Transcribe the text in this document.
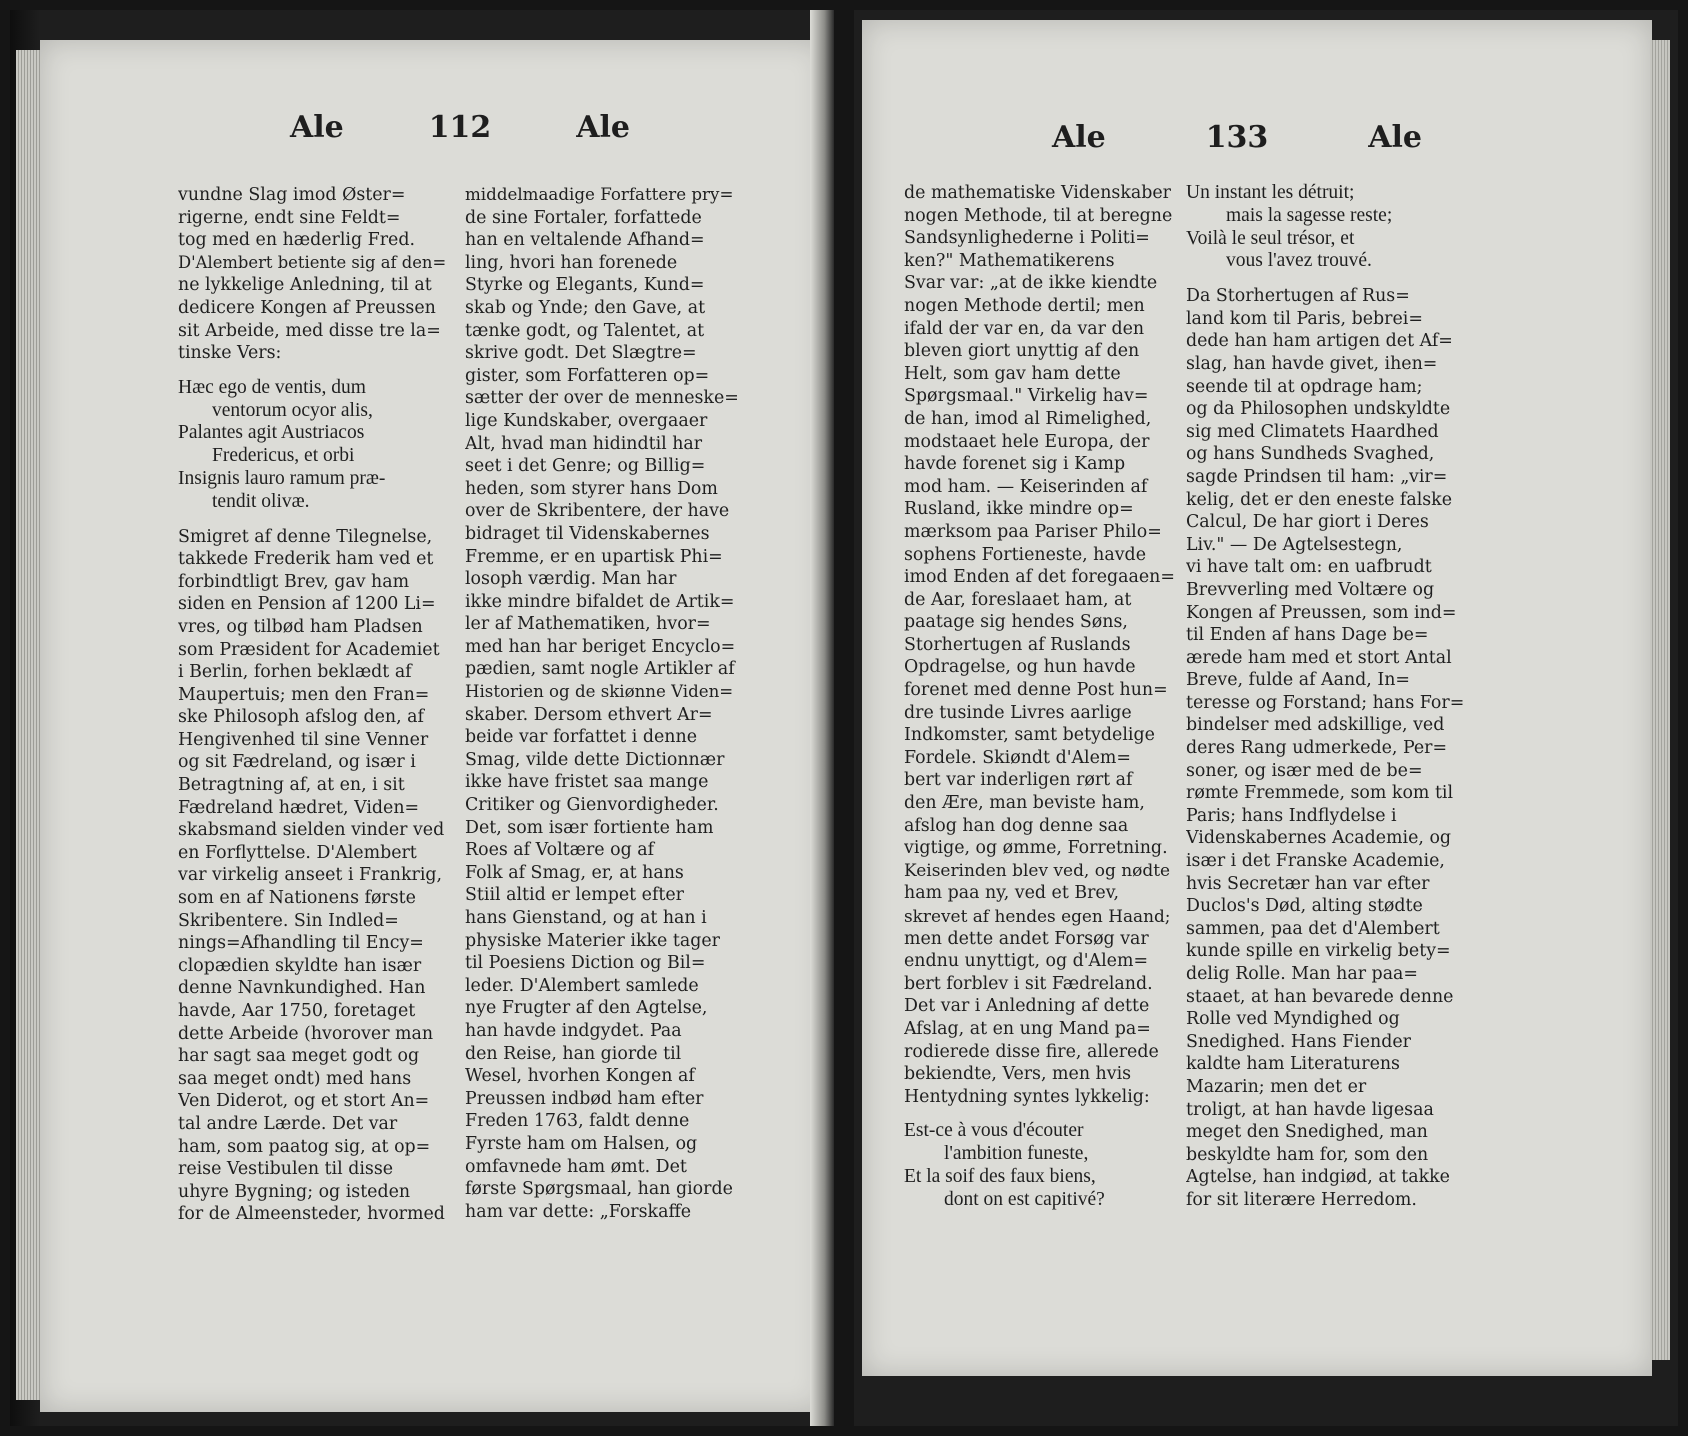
Ale	112	Ale
vundne Slag imod Øster=
rigerne, endt sine Feldt=
tog med en hæderlig Fred.
D'Alembert betiente sig af den=
ne lykkelige Anledning, til at
dedicere Kongen af Preussen
sit Arbeide, med disse tre la=
tinske Vers:
Hæc ego de ventis, dum
ventorum ocyor alis,
Palantes agit Austriacos
Fredericus, et orbi
Insignis lauro ramum præ-
tendit olivæ.
Smigret af denne Tilegnelse,
takkede Frederik ham ved et
forbindtligt Brev, gav ham
siden en Pension af 1200 Li=
vres, og tilbød ham Pladsen
som Præsident for Academiet
i Berlin, forhen beklædt af
Maupertuis; men den Fran=
ske Philosoph afslog den, af
Hengivenhed til sine Venner
og sit Fædreland, og især i
Betragtning af, at en, i sit
Fædreland hædret, Viden=
skabsmand sielden vinder ved
en Forflyttelse. D'Alembert
var virkelig anseet i Frankrig,
som en af Nationens første
Skribentere. Sin Indled=
nings=Afhandling til Ency=
clopædien skyldte han især
denne Navnkundighed. Han
havde, Aar 1750, foretaget
dette Arbeide (hvorover man
har sagt saa meget godt og
saa meget ondt) med hans
Ven Diderot, og et stort An=
tal andre Lærde. Det var
ham, som paatog sig, at op=
reise Vestibulen til disse
uhyre Bygning; og isteden
for de Almeensteder, hvormed
middelmaadige Forfattere pry=
de sine Fortaler, forfattede
han en veltalende Afhand=
ling, hvori han forenede
Styrke og Elegants, Kund=
skab og Ynde; den Gave, at
tænke godt, og Talentet, at
skrive godt. Det Slægtre=
gister, som Forfatteren op=
sætter der over de menneske=
lige Kundskaber, overgaaer
Alt, hvad man hidindtil har
seet i det Genre; og Billig=
heden, som styrer hans Dom
over de Skribentere, der have
bidraget til Videnskabernes
Fremme, er en upartisk Phi=
losoph værdig. Man har
ikke mindre bifaldet de Artik=
ler af Mathematiken, hvor=
med han har beriget Encyclo=
pædien, samt nogle Artikler af
Historien og de skiønne Viden=
skaber. Dersom ethvert Ar=
beide var forfattet i denne
Smag, vilde dette Dictionnær
ikke have fristet saa mange
Critiker og Gienvordigheder.
Det, som især fortiente ham
Roes af Voltære og af
Folk af Smag, er, at hans
Stiil altid er lempet efter
hans Gienstand, og at han i
physiske Materier ikke tager
til Poesiens Diction og Bil=
leder. D'Alembert samlede
nye Frugter af den Agtelse,
han havde indgydet. Paa
den Reise, han giorde til
Wesel, hvorhen Kongen af
Preussen indbød ham efter
Freden 1763, faldt denne
Fyrste ham om Halsen, og
omfavnede ham ømt. Det
første Spørgsmaal, han giorde
ham var dette: „Forskaffe
Ale	133	Ale
de mathematiske Videnskaber
nogen Methode, til at beregne
Sandsynlighederne i Politi=
ken?" Mathematikerens
Svar var: „at de ikke kiendte
nogen Methode dertil; men
ifald der var en, da var den
bleven giort unyttig af den
Helt, som gav ham dette
Spørgsmaal." Virkelig hav=
de han, imod al Rimelighed,
modstaaet hele Europa, der
havde forenet sig i Kamp
mod ham. — Keiserinden af
Rusland, ikke mindre op=
mærksom paa Pariser Philo=
sophens Fortieneste, havde
imod Enden af det foregaaen=
de Aar, foreslaaet ham, at
paatage sig hendes Søns,
Storhertugen af Ruslands
Opdragelse, og hun havde
forenet med denne Post hun=
dre tusinde Livres aarlige
Indkomster, samt betydelige
Fordele. Skiøndt d'Alem=
bert var inderligen rørt af
den Ære, man beviste ham,
afslog han dog denne saa
vigtige, og ømme, Forretning.
Keiserinden blev ved, og nødte
ham paa ny, ved et Brev,
skrevet af hendes egen Haand;
men dette andet Forsøg var
endnu unyttigt, og d'Alem=
bert forblev i sit Fædreland.
Det var i Anledning af dette
Afslag, at en ung Mand pa=
rodierede disse fire, allerede
bekiendte, Vers, men hvis
Hentydning syntes lykkelig:
Est-ce à vous d'écouter
l'ambition funeste,
Et la soif des faux biens,
dont on est capitivé?
Un instant les détruit;
mais la sagesse reste;
Voilà le seul trésor, et
vous l'avez trouvé.
Da Storhertugen af Rus=
land kom til Paris, bebrei=
dede han ham artigen det Af=
slag, han havde givet, ihen=
seende til at opdrage ham;
og da Philosophen undskyldte
sig med Climatets Haardhed
og hans Sundheds Svaghed,
sagde Prindsen til ham: „vir=
kelig, det er den eneste falske
Calcul, De har giort i Deres
Liv." — De Agtelsestegn,
vi have talt om: en uafbrudt
Brevverling med Voltære og
Kongen af Preussen, som ind=
til Enden af hans Dage be=
ærede ham med et stort Antal
Breve, fulde af Aand, In=
teresse og Forstand; hans For=
bindelser med adskillige, ved
deres Rang udmerkede, Per=
soner, og især med de be=
rømte Fremmede, som kom til
Paris; hans Indflydelse i
Videnskabernes Academie, og
især i det Franske Academie,
hvis Secretær han var efter
Duclos's Død, alting stødte
sammen, paa det d'Alembert
kunde spille en virkelig bety=
delig Rolle. Man har paa=
staaet, at han bevarede denne
Rolle ved Myndighed og
Snedighed. Hans Fiender
kaldte ham Literaturens
Mazarin; men det er
troligt, at han havde ligesaa
meget den Snedighed, man
beskyldte ham for, som den
Agtelse, han indgiød, at takke
for sit literære Herredom.
